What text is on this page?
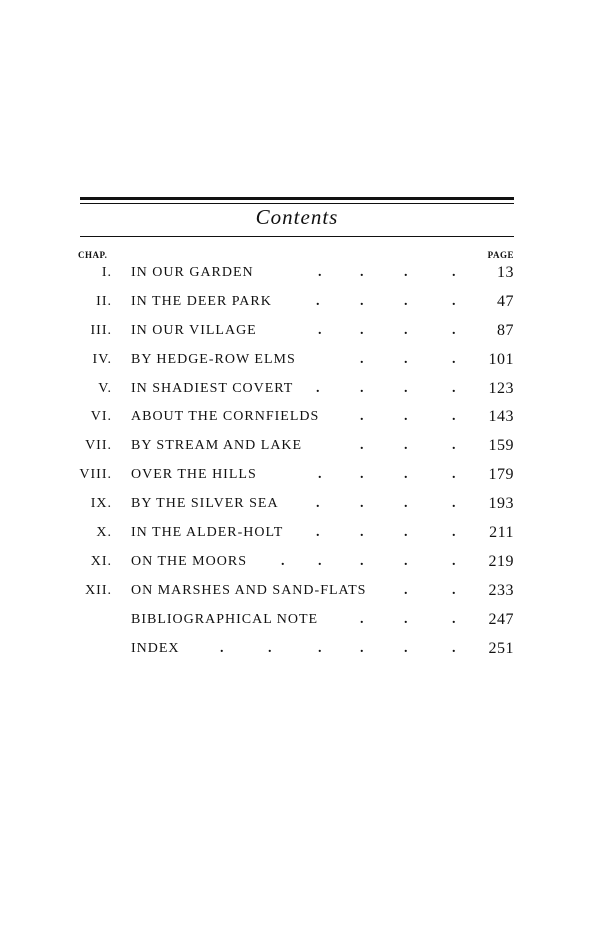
Contents
CHAP.	PAGE
I. IN OUR GARDEN	.	.	.	.	13
II. IN THE DEER PARK	.	.	.	.	47
III. IN OUR VILLAGE	.	.	.	.	87
IV. BY HEDGE-ROW ELMS	.	.	. 101
V. IN SHADIEST COVERT .	.	.	. 123
VI. ABOUT THE CORNFIELDS	.	.	. 143
VII. BY STREAM AND LAKE	.	.	. 159
VIII. OVER THE HILLS	.	.	.	. 179
IX. BY THE SILVER SEA	.	.	.	. 193
X. IN THE ALDER-HOLT .	.	.	. 211
XI. ON THE MOORS . .	.	.	. 219
XII. ON MARSHES AND SAND-FLATS	.	. 233
BIBLIOGRAPHICAL NOTE	.	.	. 247
INDEX	.	.	.	.	.	. 251
